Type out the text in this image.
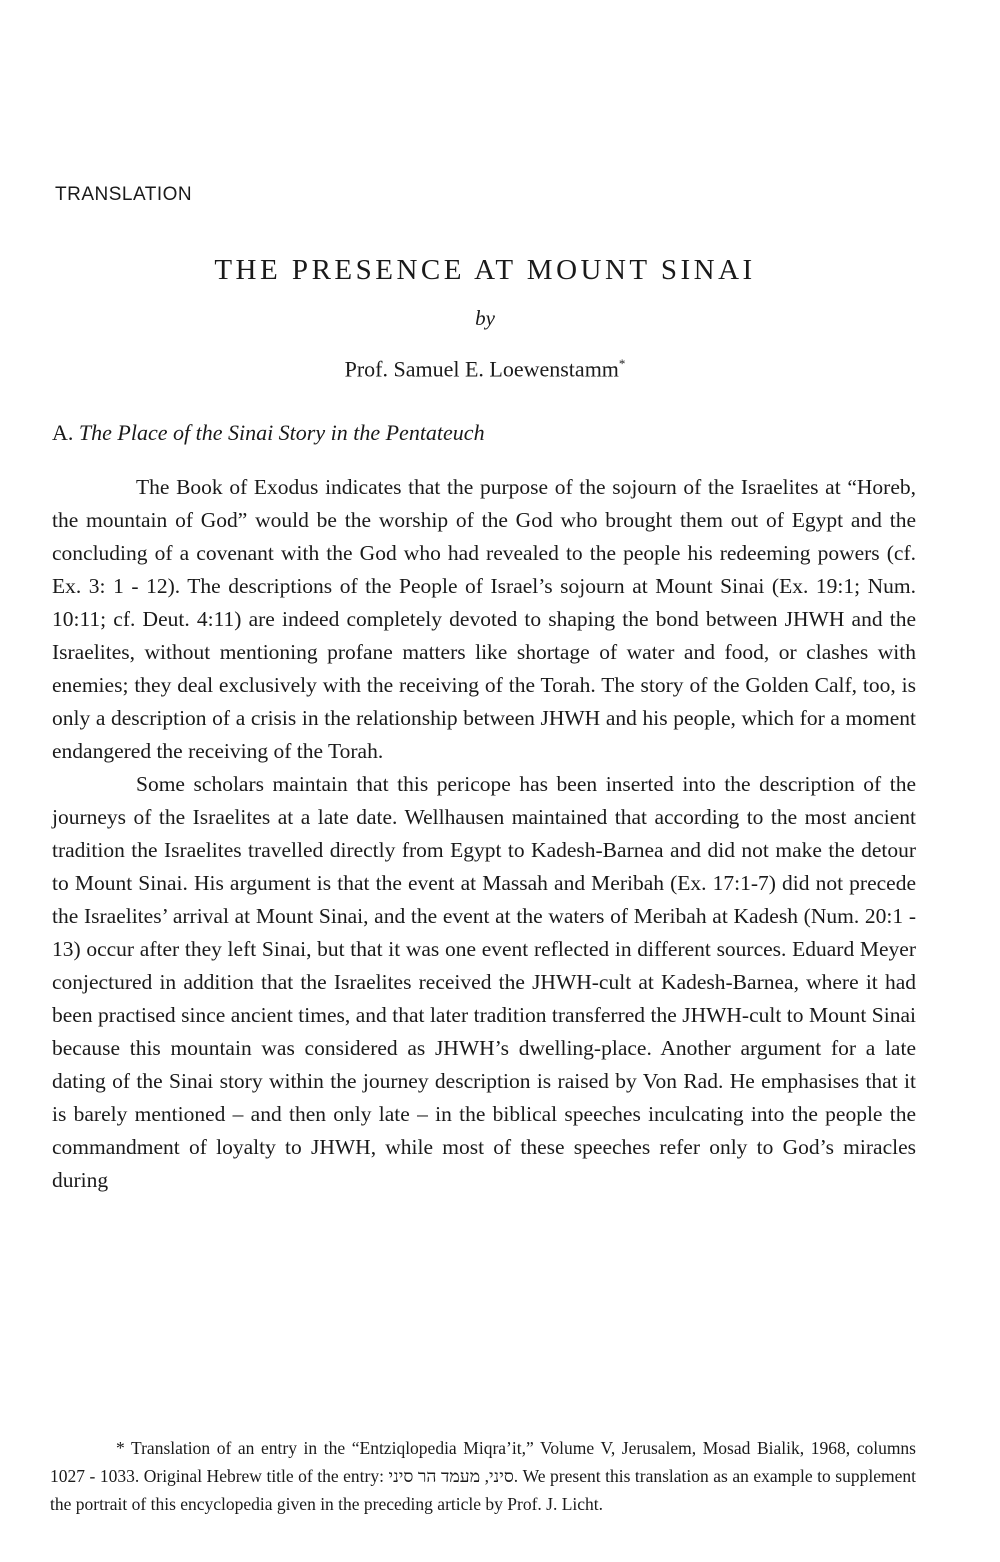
TRANSLATION
THE PRESENCE AT MOUNT SINAI
by
Prof. Samuel E. Loewenstamm*
A. The Place of the Sinai Story in the Pentateuch

The Book of Exodus indicates that the purpose of the sojourn of the Israelites at “Horeb, the mountain of God” would be the worship of the God who brought them out of Egypt and the concluding of a covenant with the God who had revealed to the people his redeeming powers (cf. Ex. 3: 1 - 12). The descriptions of the People of Israel’s sojourn at Mount Sinai (Ex. 19:1; Num. 10:11; cf. Deut. 4:11) are indeed completely devoted to shaping the bond between JHWH and the Israelites, without mentioning profane matters like shortage of water and food, or clashes with enemies; they deal exclusively with the receiving of the Torah. The story of the Golden Calf, too, is only a description of a crisis in the relationship between JHWH and his people, which for a moment endangered the receiving of the Torah.

Some scholars maintain that this pericope has been inserted into the description of the journeys of the Israelites at a late date. Wellhausen maintained that according to the most ancient tradition the Israelites travelled directly from Egypt to Kadesh-Barnea and did not make the detour to Mount Sinai. His argument is that the event at Massah and Meribah (Ex. 17:1-7) did not precede the Israelites’ arrival at Mount Sinai, and the event at the waters of Meribah at Kadesh (Num. 20:1 - 13) occur after they left Sinai, but that it was one event reflected in different sources. Eduard Meyer conjectured in addition that the Israelites received the JHWH-cult at Kadesh-Barnea, where it had been practised since ancient times, and that later tradition transferred the JHWH-cult to Mount Sinai because this mountain was considered as JHWH’s dwelling-place. Another argument for a late dating of the Sinai story within the journey description is raised by Von Rad. He emphasises that it is barely mentioned – and then only late – in the biblical speeches inculcating into the people the commandment of loyalty to JHWH, while most of these speeches refer only to God’s miracles during

* Translation of an entry in the “Entziqlopedia Miqra’it,” Volume V, Jerusalem, Mosad Bialik, 1968, columns 1027 - 1033. Original Hebrew title of the entry: סיני, מעמד הר סיני. We present this translation as an example to supplement the portrait of this encyclopedia given in the preceding article by Prof. J. Licht.
